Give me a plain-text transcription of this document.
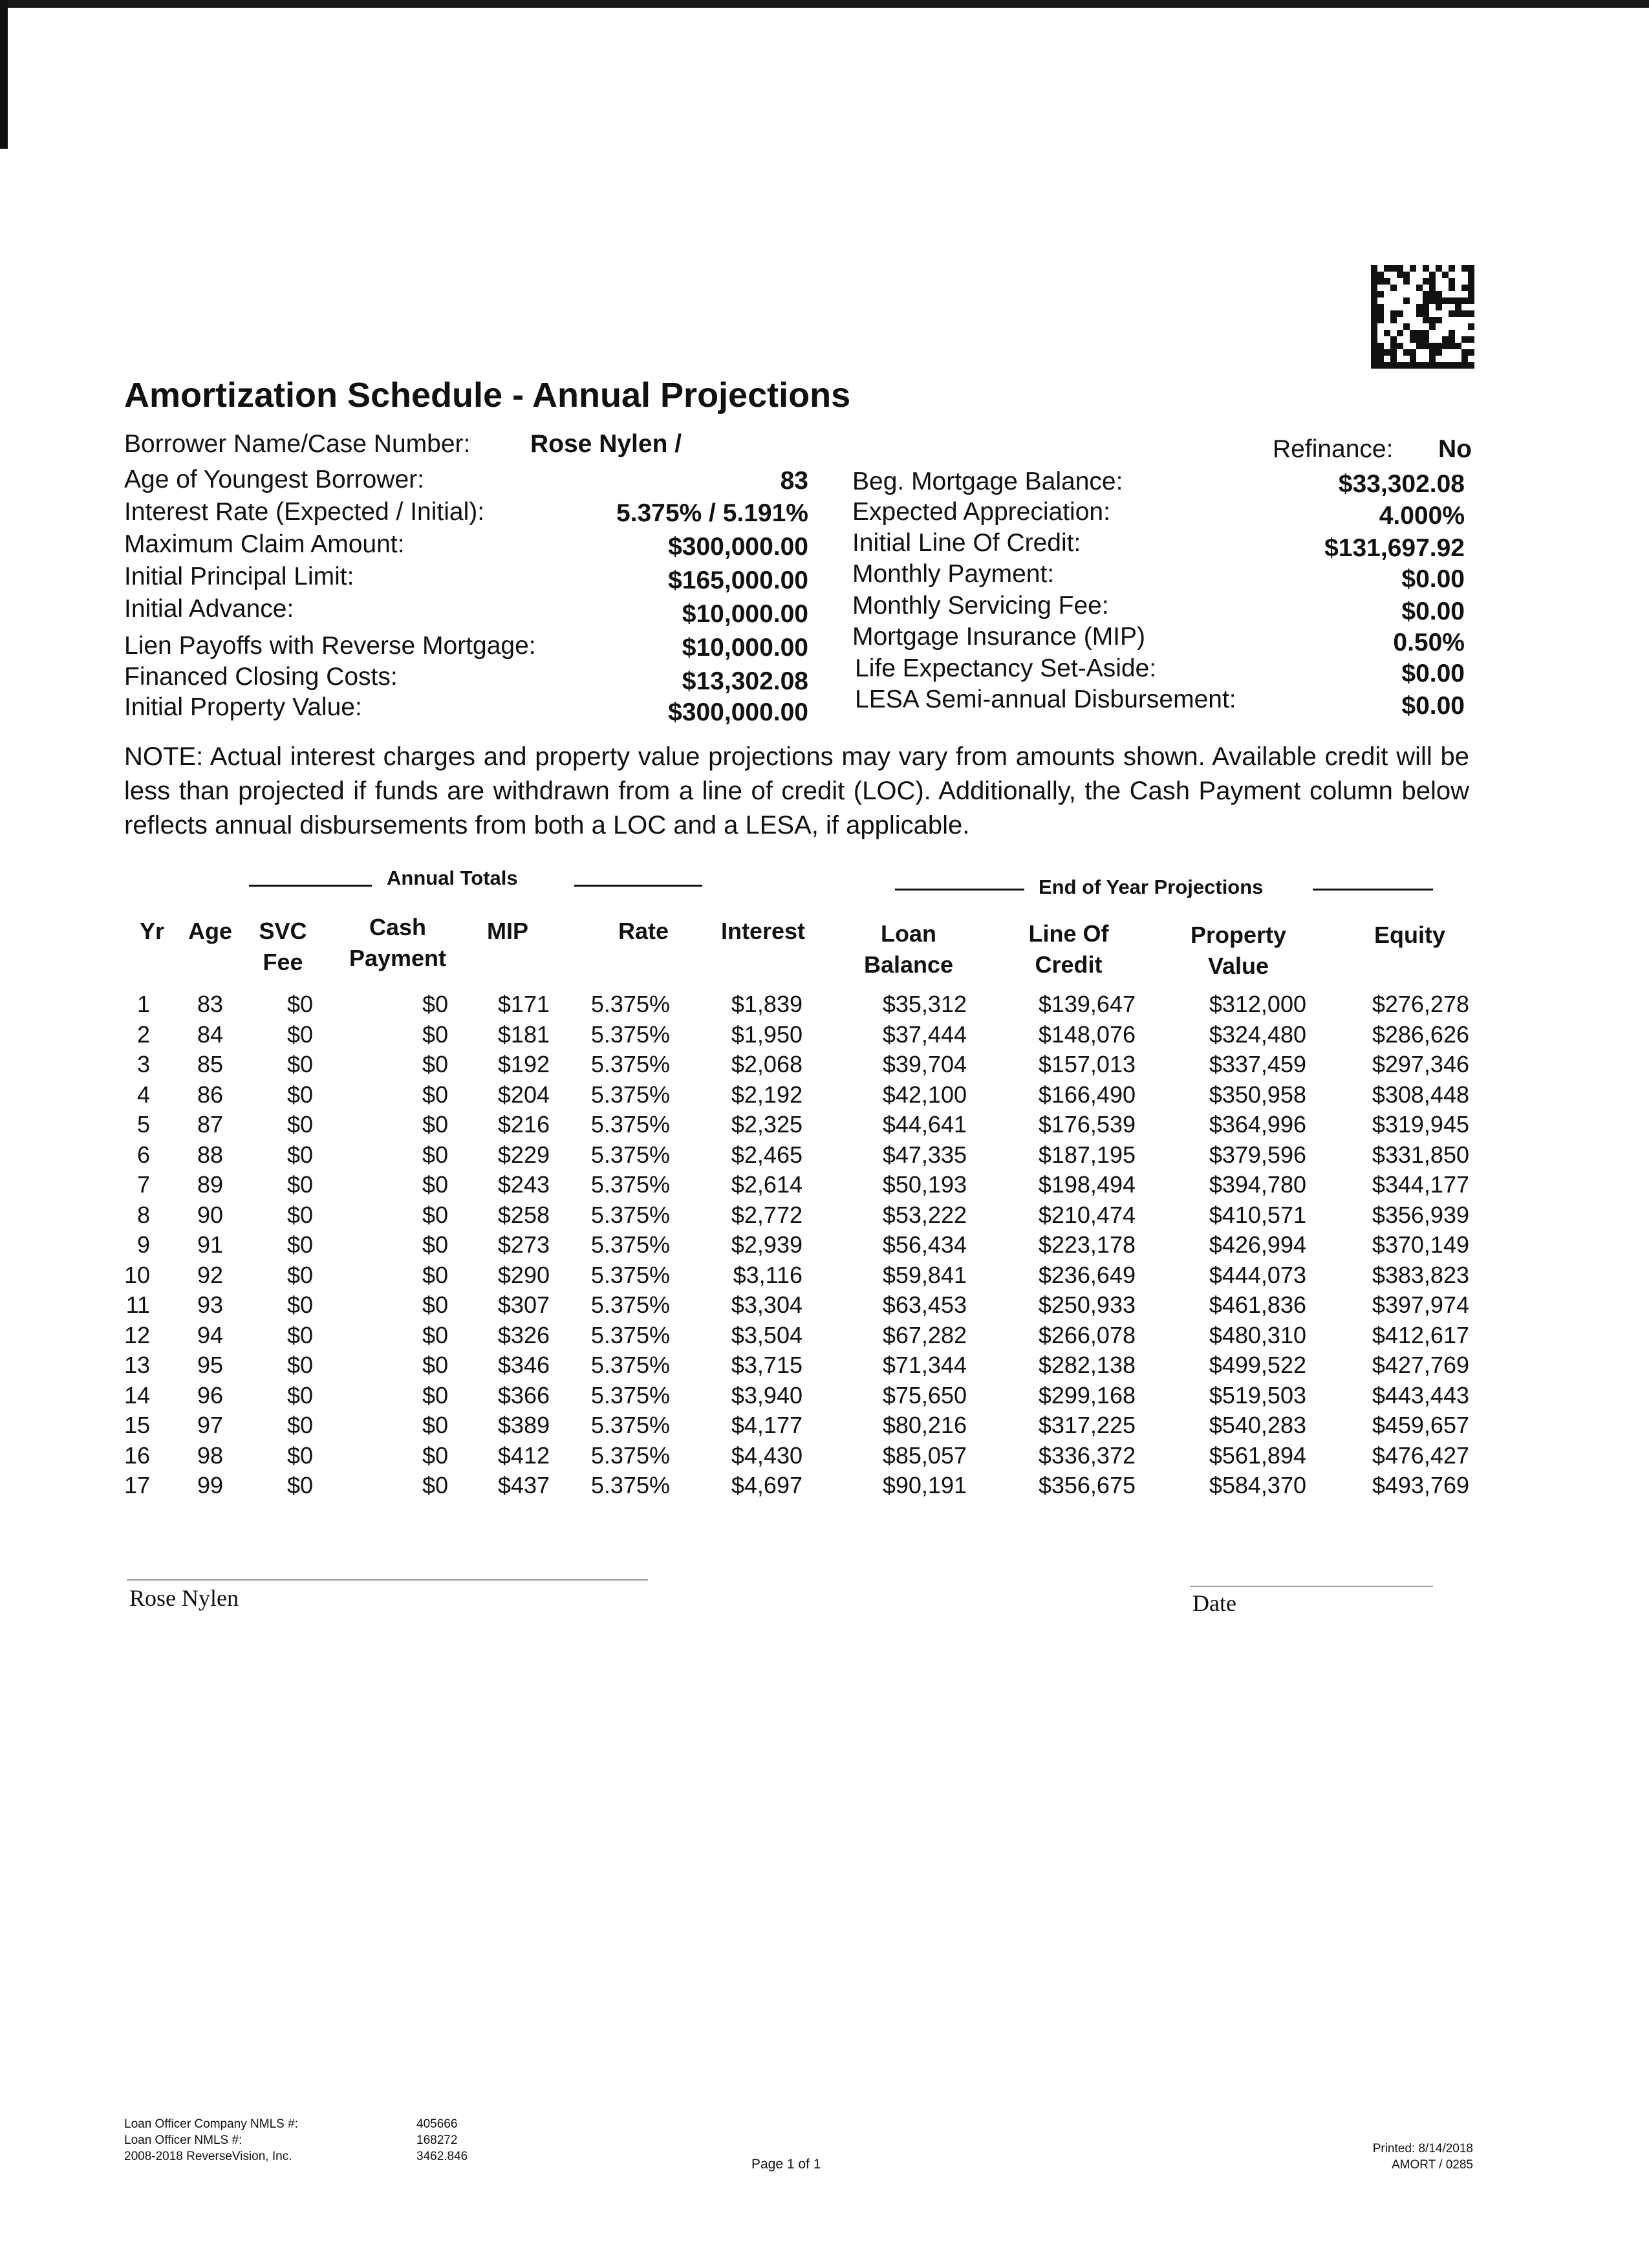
Amortization Schedule - Annual Projections
Borrower Name/Case Number: Rose Nylen /	Refinance: No
Age of Youngest Borrower:	83
Interest Rate (Expected / Initial):	5.375% / 5.191%
Maximum Claim Amount:	$300,000.00
Initial Principal Limit:	$165,000.00
Initial Advance:	$10,000.00
Lien Payoffs with Reverse Mortgage:	$10,000.00
Financed Closing Costs:	$13,302.08
Initial Property Value:	$300,000.00
Beg. Mortgage Balance:	$33,302.08
Expected Appreciation:	4.000%
Initial Line Of Credit:	$131,697.92
Monthly Payment:	$0.00
Monthly Servicing Fee:	$0.00
Mortgage Insurance (MIP)	0.50%
Life Expectancy Set-Aside:	$0.00
LESA Semi-annual Disbursement:	$0.00
NOTE: Actual interest charges and property value projections may vary from amounts shown. Available credit will be less than projected if funds are withdrawn from a line of credit (LOC). Additionally, the Cash Payment column below reflects annual disbursements from both a LOC and a LESA, if applicable.
Annual Totals	End of Year Projections
Yr	Age	SVC
Fee
Cash
Payment
MIP	Rate	Interest	Loan
Balance
Line Of
Credit
Property
Value
Equity

1 83	$0	$0 $171 5.375%	$1,839	$35,312	$139,647	$312,000	$276,278
2 84	$0	$0 $181 5.375%	$1,950	$37,444	$148,076	$324,480	$286,626
3 85	$0	$0 $192 5.375%	$2,068	$39,704	$157,013	$337,459	$297,346
4 86	$0	$0 $204 5.375%	$2,192	$42,100	$166,490	$350,958	$308,448
5 87	$0	$0 $216 5.375%	$2,325	$44,641	$176,539	$364,996	$319,945
6 88	$0	$0 $229 5.375%	$2,465	$47,335	$187,195	$379,596	$331,850
7 89	$0	$0 $243 5.375%	$2,614	$50,193	$198,494	$394,780	$344,177
8 90	$0	$0 $258 5.375%	$2,772	$53,222	$210,474	$410,571	$356,939
9 91	$0	$0 $273 5.375%	$2,939	$56,434	$223,178	$426,994	$370,149
10 92	$0	$0 $290 5.375%	$3,116	$59,841	$236,649	$444,073	$383,823
11 93	$0	$0 $307 5.375%	$3,304	$63,453	$250,933	$461,836	$397,974
12 94	$0	$0 $326 5.375%	$3,504	$67,282	$266,078	$480,310	$412,617
13 95	$0	$0 $346 5.375%	$3,715	$71,344	$282,138	$499,522	$427,769
14 96	$0	$0 $366 5.375%	$3,940	$75,650	$299,168	$519,503	$443,443
15 97	$0	$0 $389 5.375%	$4,177	$80,216	$317,225	$540,283	$459,657
16 98	$0	$0 $412 5.375%	$4,430	$85,057	$336,372	$561,894	$476,427
17 99	$0	$0 $437 5.375%	$4,697	$90,191	$356,675	$584,370	$493,769
Rose Nylen	Date
Loan Officer Company NMLS #:
Loan Officer NMLS #:
2008-2018 ReverseVision, Inc.
405666
168272
3462.846
Page 1 of 1
Printed: 8/14/2018
AMORT / 0285
